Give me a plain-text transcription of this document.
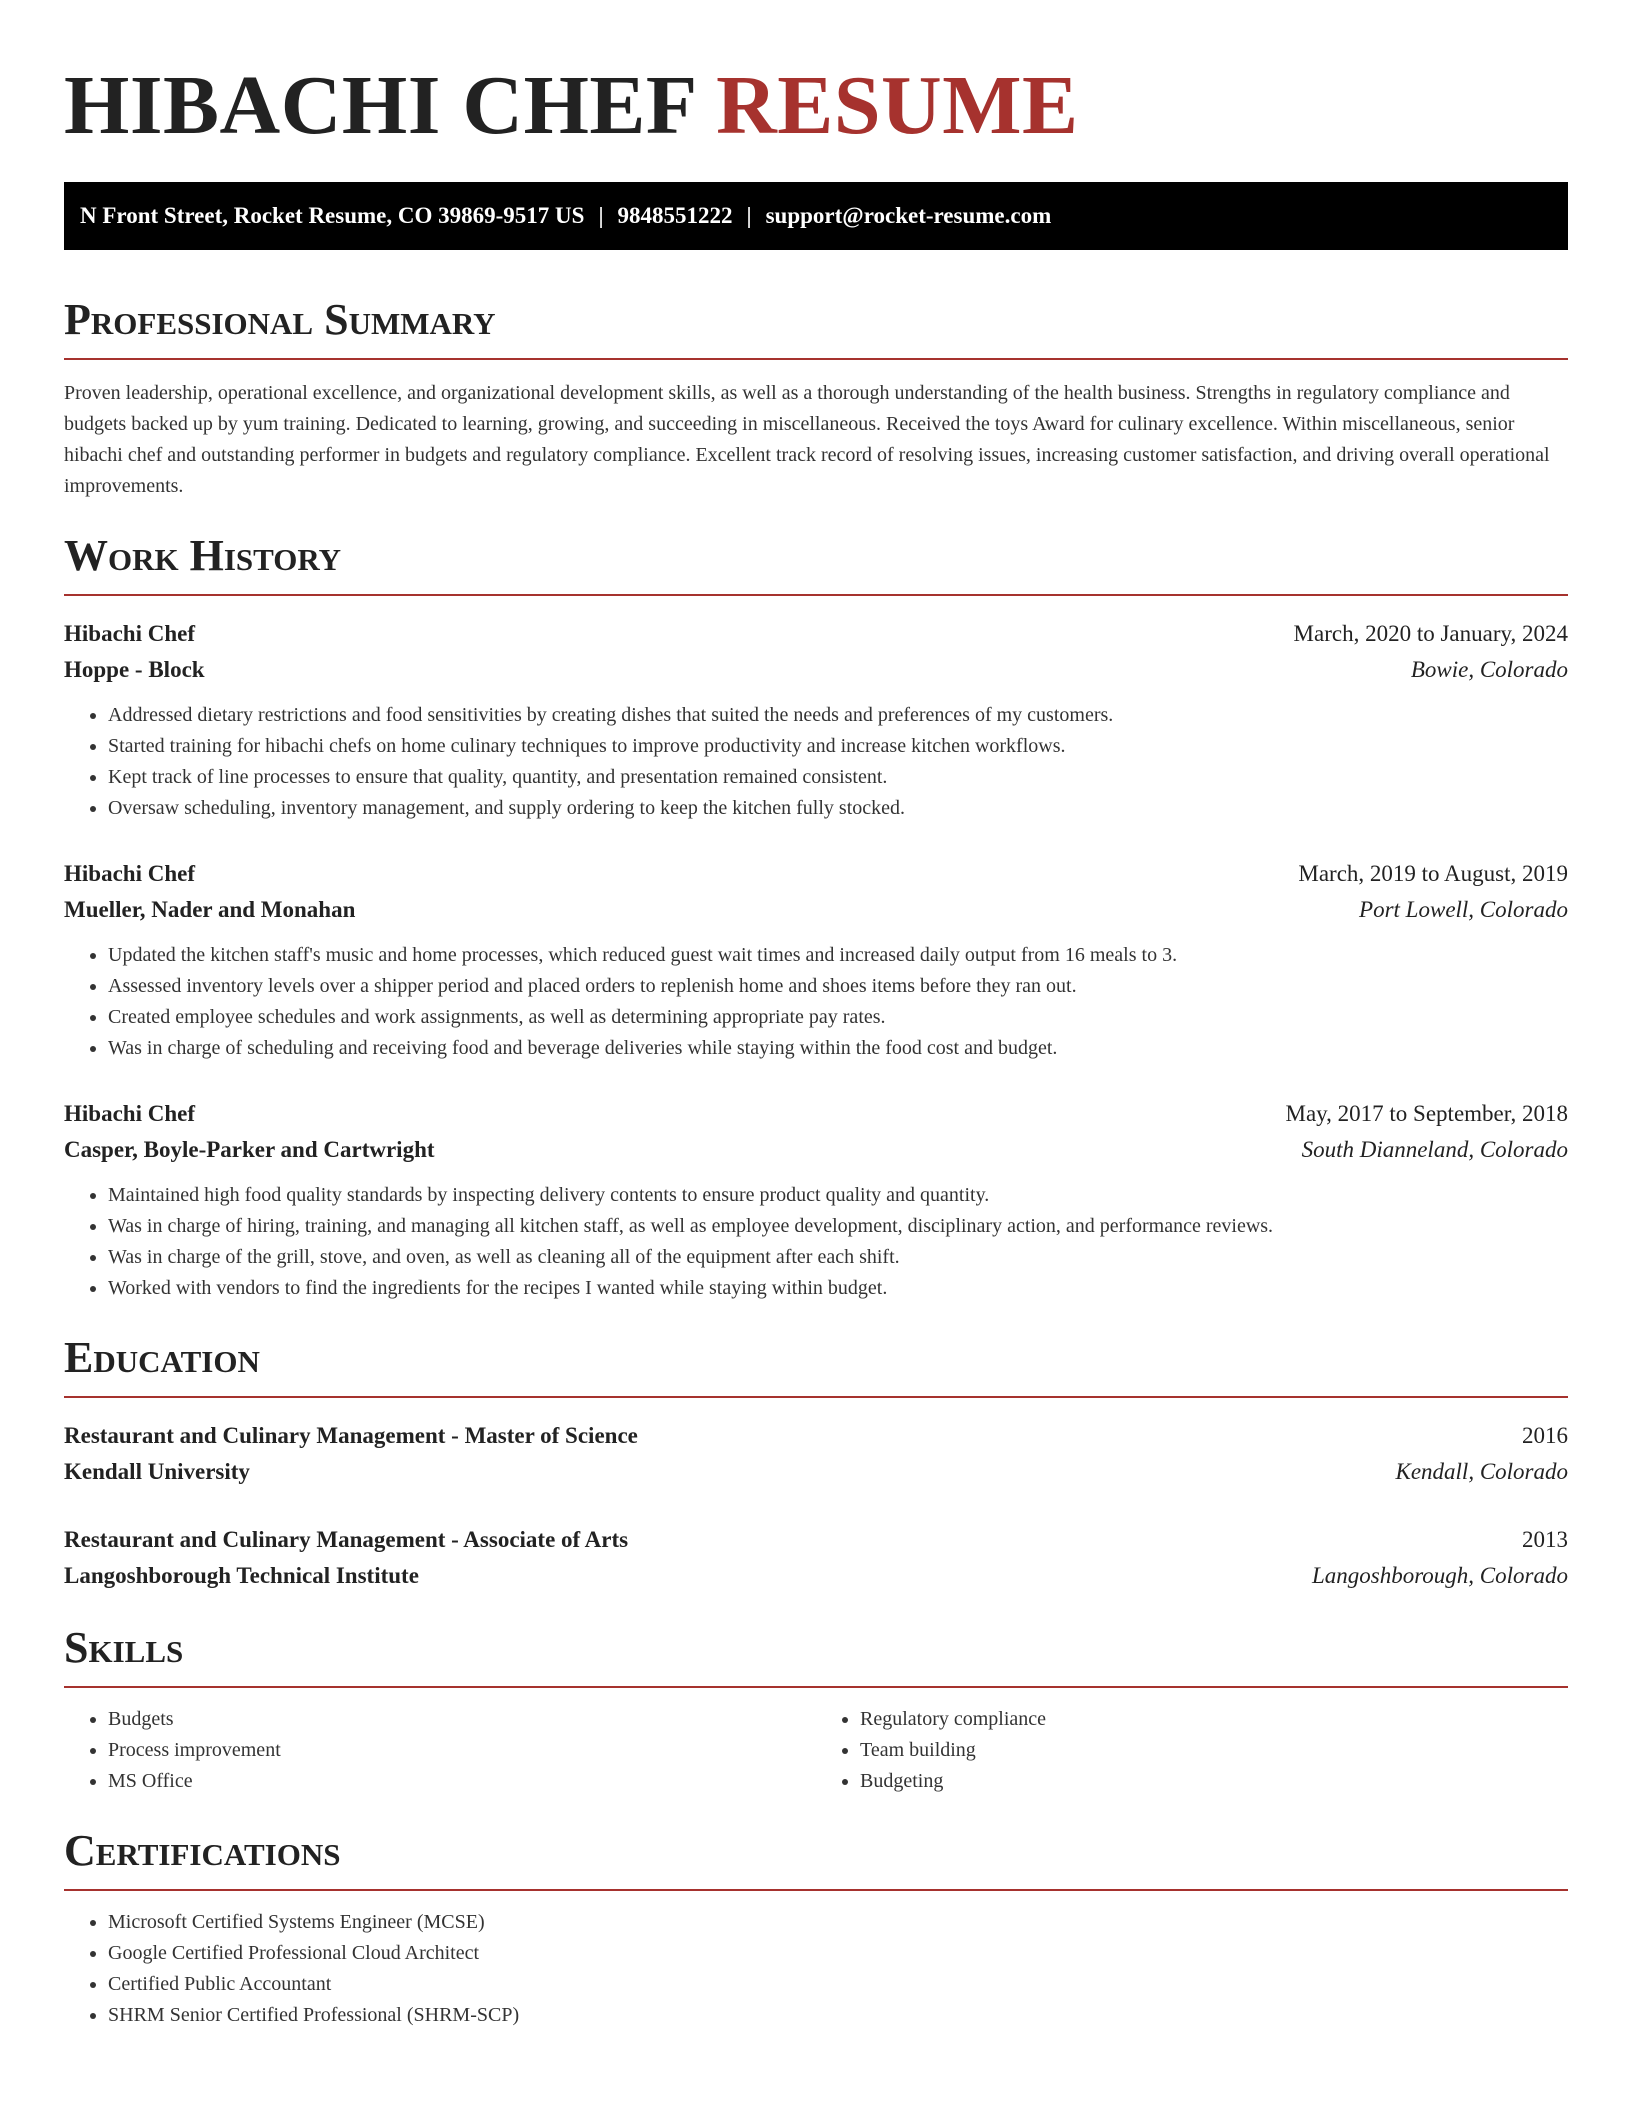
HIBACHI CHEF RESUME
N Front Street, Rocket Resume, CO 39869-9517 US | 9848551222 | support@rocket-resume.com
Professional Summary

Proven leadership, operational excellence, and organizational development skills, as well as a thorough understanding of the health business. Strengths in regulatory compliance and budgets backed up by yum training. Dedicated to learning, growing, and succeeding in miscellaneous. Received the toys Award for culinary excellence. Within miscellaneous, senior hibachi chef and outstanding performer in budgets and regulatory compliance. Excellent track record of resolving issues, increasing customer satisfaction, and driving overall operational improvements.

Work History
Hibachi Chef	March, 2020 to January, 2024
Hoppe - Block	Bowie, Colorado
• Addressed dietary restrictions and food sensitivities by creating dishes that suited the needs and preferences of my customers.
• Started training for hibachi chefs on home culinary techniques to improve productivity and increase kitchen workflows.
• Kept track of line processes to ensure that quality, quantity, and presentation remained consistent.
• Oversaw scheduling, inventory management, and supply ordering to keep the kitchen fully stocked.
Hibachi Chef	March, 2019 to August, 2019
Mueller, Nader and Monahan	Port Lowell, Colorado
• Updated the kitchen staff's music and home processes, which reduced guest wait times and increased daily output from 16 meals to 3.
• Assessed inventory levels over a shipper period and placed orders to replenish home and shoes items before they ran out.
• Created employee schedules and work assignments, as well as determining appropriate pay rates.
• Was in charge of scheduling and receiving food and beverage deliveries while staying within the food cost and budget.
Hibachi Chef	May, 2017 to September, 2018
Casper, Boyle-Parker and Cartwright	South Dianneland, Colorado
• Maintained high food quality standards by inspecting delivery contents to ensure product quality and quantity.
• Was in charge of hiring, training, and managing all kitchen staff, as well as employee development, disciplinary action, and performance reviews.
• Was in charge of the grill, stove, and oven, as well as cleaning all of the equipment after each shift.
• Worked with vendors to find the ingredients for the recipes I wanted while staying within budget.
Education
Restaurant and Culinary Management - Master of Science	2016
Kendall University	Kendall, Colorado
Restaurant and Culinary Management - Associate of Arts	2013
Langoshborough Technical Institute	Langoshborough, Colorado
Skills
• Budgets
• Process improvement
• MS Office
• Regulatory compliance
• Team building
• Budgeting
Certifications
• Microsoft Certified Systems Engineer (MCSE)
• Google Certified Professional Cloud Architect
• Certified Public Accountant
• SHRM Senior Certified Professional (SHRM-SCP)
